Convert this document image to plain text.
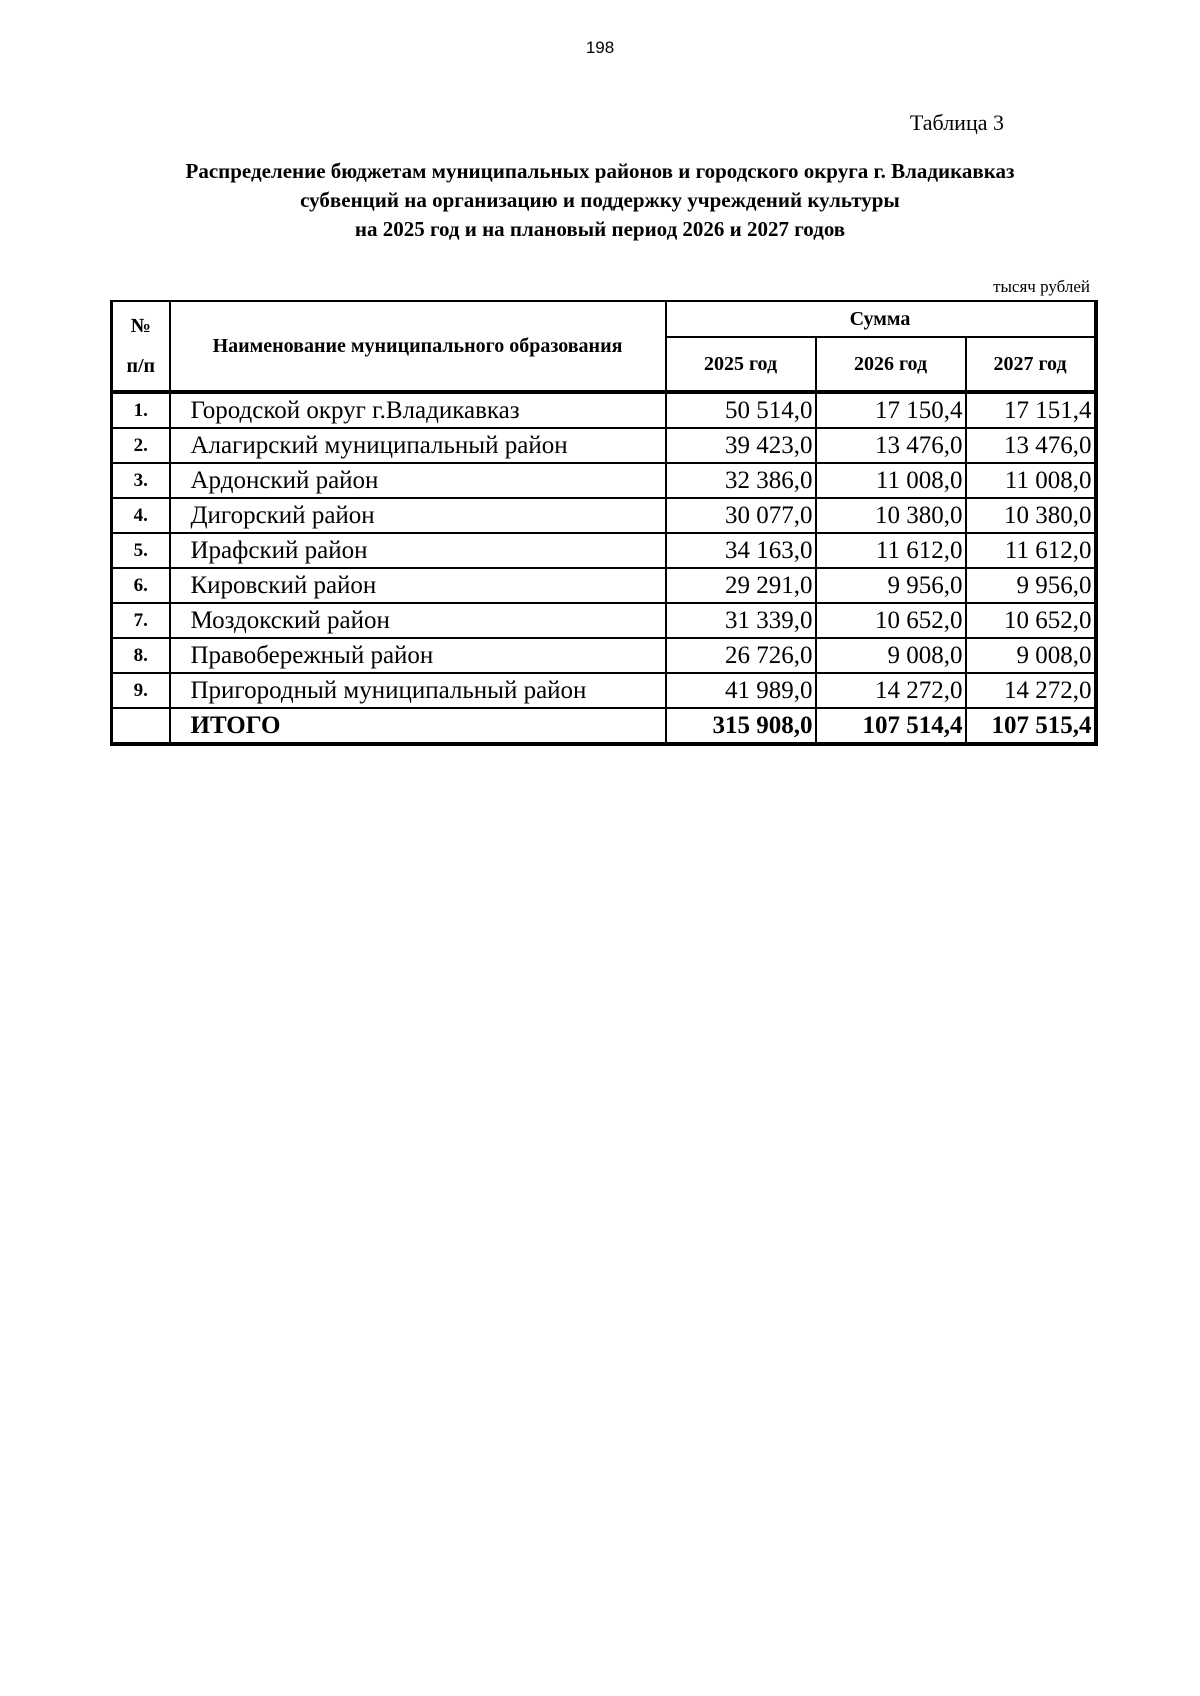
198
Таблица 3
Распределение бюджетам муниципальных районов и городского округа г. Владикавказ
субвенций на организацию и поддержку учреждений культуры
на 2025 год и на плановый период 2026 и 2027 годов
тысяч рублей
№
п/п	Наименование муниципального образования	Сумма		
		2025 год	2026 год	2027 год
1.	Городской округ г.Владикавказ	50 514,0	17 150,4	17 151,4
2.	Алагирский муниципальный район	39 423,0	13 476,0	13 476,0
3.	Ардонский район	32 386,0	11 008,0	11 008,0
4.	Дигорский район	30 077,0	10 380,0	10 380,0
5.	Ирафский район	34 163,0	11 612,0	11 612,0
6.	Кировский район	29 291,0	9 956,0	9 956,0
7.	Моздокский район	31 339,0	10 652,0	10 652,0
8.	Правобережный район	26 726,0	9 008,0	9 008,0
9.	Пригородный муниципальный район	41 989,0	14 272,0	14 272,0
	ИТОГО	315 908,0	107 514,4	107 515,4
